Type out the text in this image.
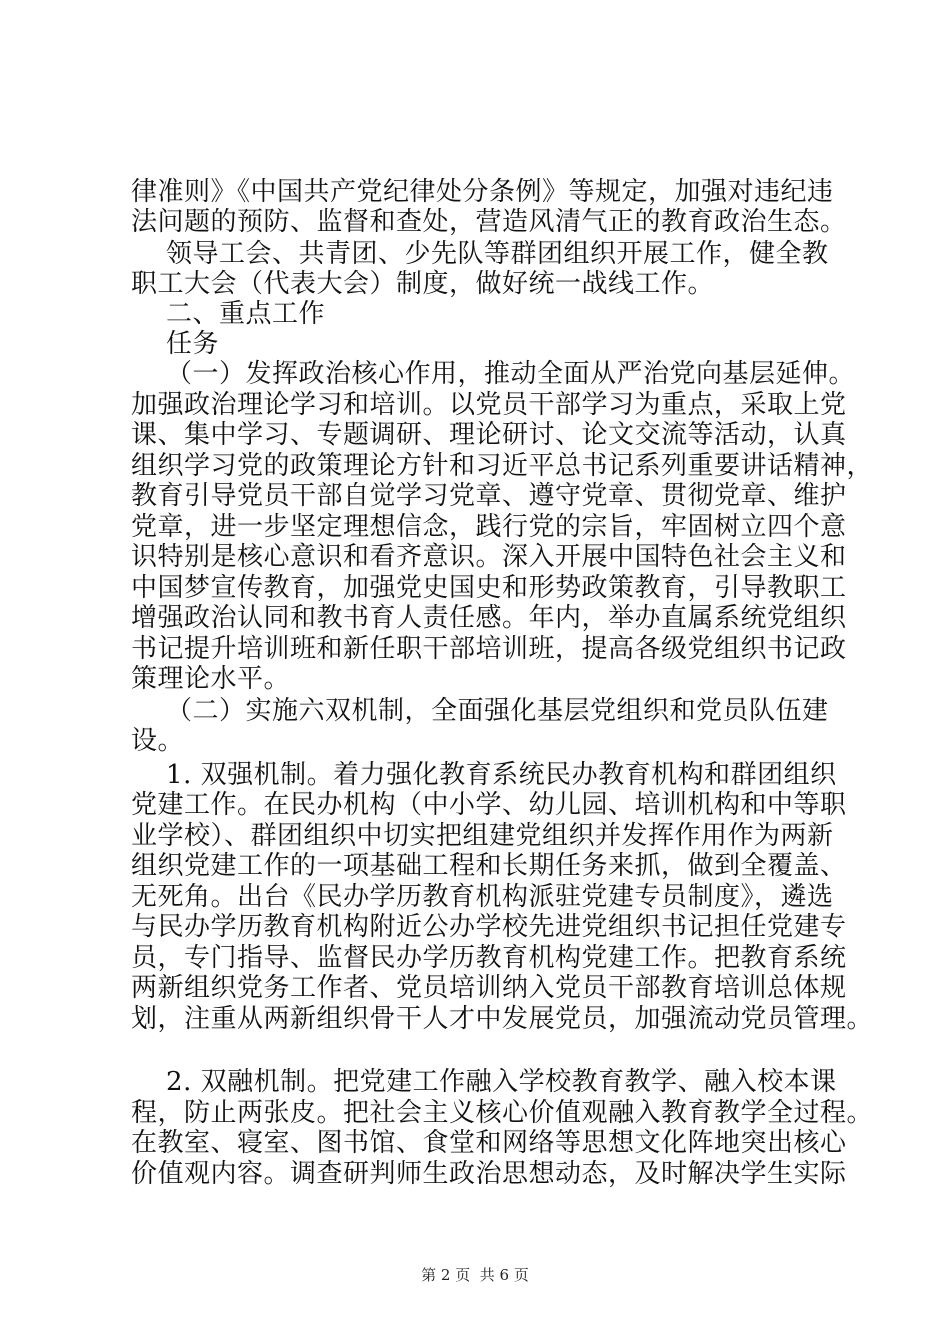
律准则》《中国共产党纪律处分条例》等规定，加强对违纪违
法问题的预防、监督和查处，营造风清气正的教育政治生态。
领导工会、共青团、少先队等群团组织开展工作，健全教
职工大会（代表大会）制度，做好统一战线工作。
二、重点工作
任务
（一）发挥政治核心作用，推动全面从严治党向基层延伸。
加强政治理论学习和培训。以党员干部学习为重点，采取上党
课、集中学习、专题调研、理论研讨、论文交流等活动，认真
组织学习党的政策理论方针和习近平总书记系列重要讲话精神，
教育引导党员干部自觉学习党章、遵守党章、贯彻党章、维护
党章，进一步坚定理想信念，践行党的宗旨，牢固树立四个意
识特别是核心意识和看齐意识。深入开展中国特色社会主义和
中国梦宣传教育，加强党史国史和形势政策教育，引导教职工
增强政治认同和教书育人责任感。年内，举办直属系统党组织
书记提升培训班和新任职干部培训班，提高各级党组织书记政
策理论水平。
（二）实施六双机制，全面强化基层党组织和党员队伍建
设。
1. 双强机制。着力强化教育系统民办教育机构和群团组织
党建工作。在民办机构（中小学、幼儿园、培训机构和中等职
业学校）、群团组织中切实把组建党组织并发挥作用作为两新
组织党建工作的一项基础工程和长期任务来抓，做到全覆盖、
无死角。出台《民办学历教育机构派驻党建专员制度》，遴选
与民办学历教育机构附近公办学校先进党组织书记担任党建专
员，专门指导、监督民办学历教育机构党建工作。把教育系统
两新组织党务工作者、党员培训纳入党员干部教育培训总体规
划，注重从两新组织骨干人才中发展党员，加强流动党员管理。
2. 双融机制。把党建工作融入学校教育教学、融入校本课
程，防止两张皮。把社会主义核心价值观融入教育教学全过程。
在教室、寝室、图书馆、食堂和网络等思想文化阵地突出核心
价值观内容。调查研判师生政治思想动态，及时解决学生实际
第 2 页  共 6 页
